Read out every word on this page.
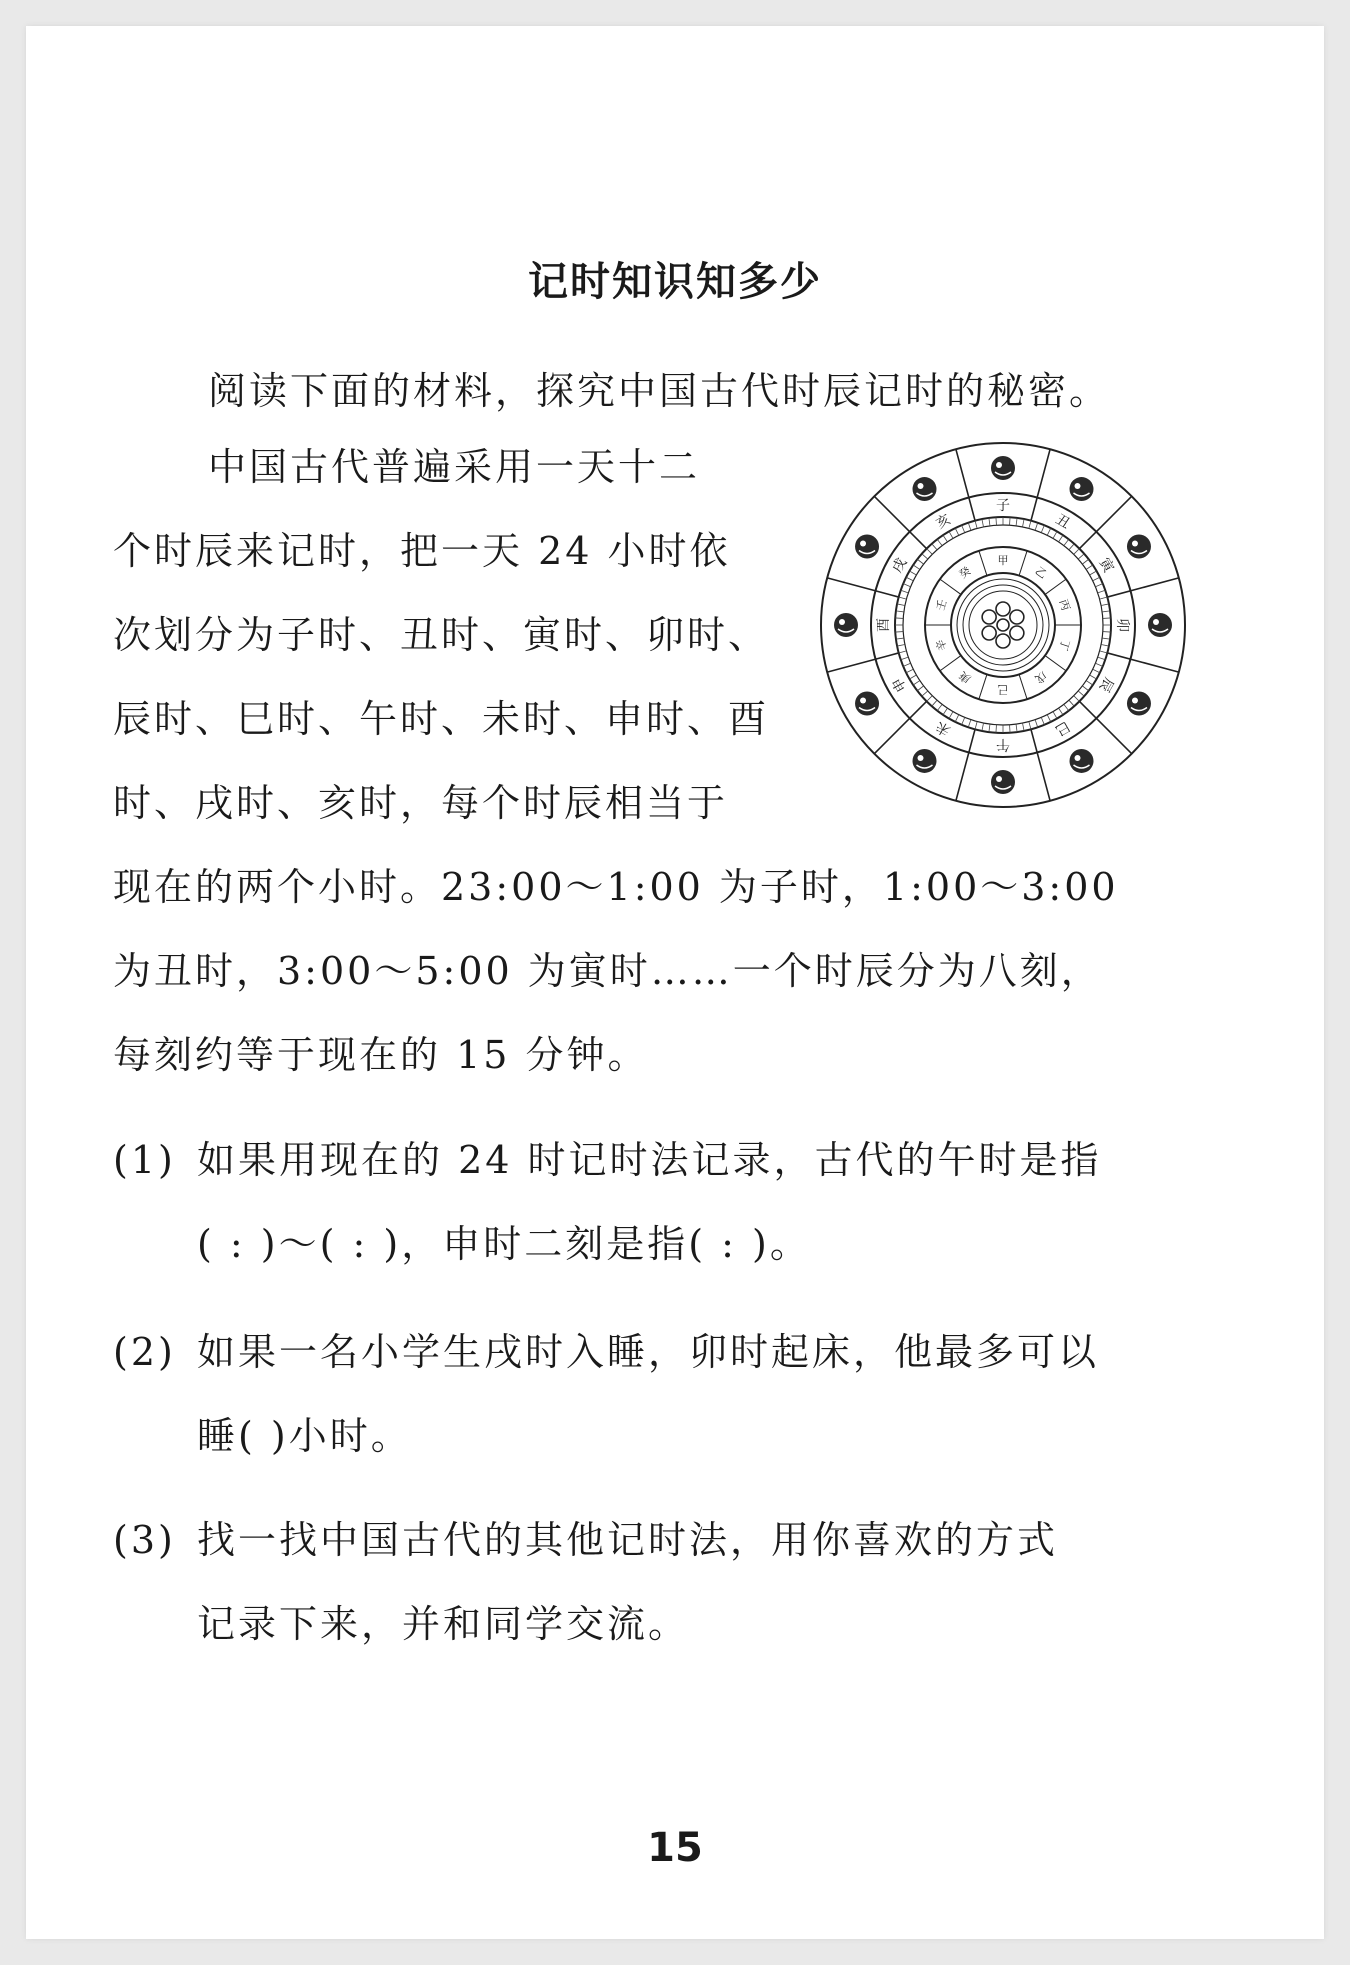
记时知识知多少
阅读下面的材料，探究中国古代时辰记时的秘密。
中国古代普遍采用一天十二
个时辰来记时，把一天 24 小时依
次划分为子时、丑时、寅时、卯时、
辰时、巳时、午时、未时、申时、酉
时、戌时、亥时，每个时辰相当于
现在的两个小时。23:00～1:00 为子时，1:00～3:00
为丑时，3:00～5:00 为寅时……一个时辰分为八刻，
每刻约等于现在的 15 分钟。
子
丑
寅
卯
辰
巳
午
未
申
酉
戌
亥
甲
乙
丙
丁
戊
己
庚
辛
壬
癸
(1) 如果用现在的 24 时记时法记录，古代的午时是指
( : )～( : )，申时二刻是指( : )。
(2) 如果一名小学生戌时入睡，卯时起床，他最多可以
睡( )小时。
(3) 找一找中国古代的其他记时法，用你喜欢的方式
记录下来，并和同学交流。
15
